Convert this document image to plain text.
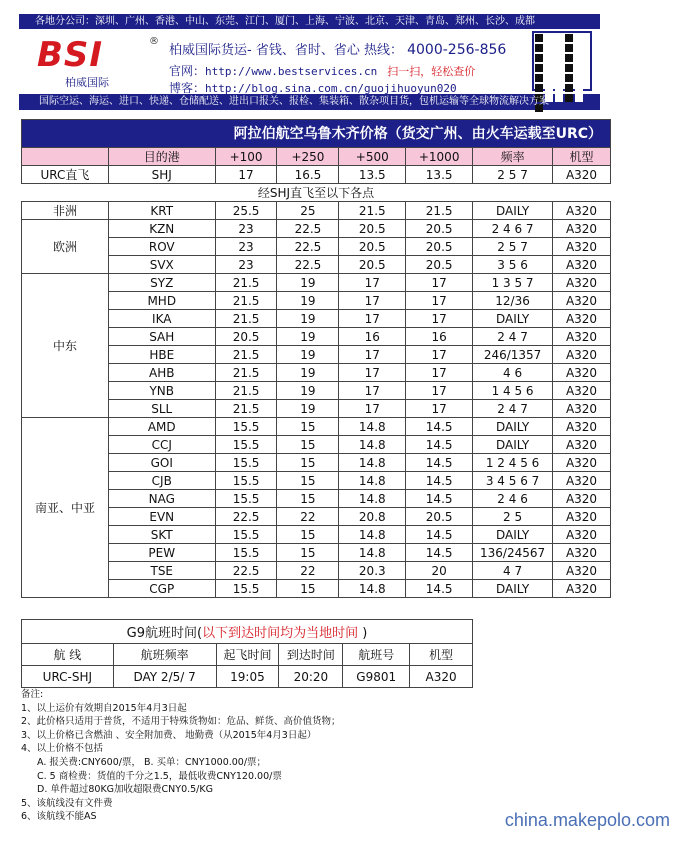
各地分公司：深圳、广州、香港、中山、东莞、江门、厦门、上海、宁波、北京、天津、青岛、郑州、长沙、成都
BSI
柏威国际
®
柏威国际货运- 省钱、省时、省心 热线： 4000-256-856
官网：http://www.bestservices.cn 扫一扫，轻松查价
博客：http://blog.sina.com.cn/guojihuoyun020
国际空运、海运、进口、快递、仓储配送、进出口报关、报检、集装箱、散杂项目货，包机运输等全球物流解决方案
阿拉伯航空乌鲁木齐价格（货交广州、由火车运载至URC）							
	目的港	+100	+250	+500	+1000	频率	机型
URC直飞	SHJ	17	16.5	13.5	13.5	2 5 7	A320
经SHJ直飞至以下各点							
非洲	KRT	25.5	25	21.5	21.5	DAILY	A320
欧洲	KZN	23	22.5	20.5	20.5	2 4 6 7	A320
	ROV	23	22.5	20.5	20.5	2 5 7	A320
	SVX	23	22.5	20.5	20.5	3 5 6	A320
中东	SYZ	21.5	19	17	17	1 3 5 7	A320
	MHD	21.5	19	17	17	12/36	A320
	IKA	21.5	19	17	17	DAILY	A320
	SAH	20.5	19	16	16	2 4 7	A320
	HBE	21.5	19	17	17	246/1357	A320
	AHB	21.5	19	17	17	4 6	A320
	YNB	21.5	19	17	17	1 4 5 6	A320
	SLL	21.5	19	17	17	2 4 7	A320
南亚、中亚	AMD	15.5	15	14.8	14.5	DAILY	A320
	CCJ	15.5	15	14.8	14.5	DAILY	A320
	GOI	15.5	15	14.8	14.5	1 2 4 5 6	A320
	CJB	15.5	15	14.8	14.5	3 4 5 6 7	A320
	NAG	15.5	15	14.8	14.5	2 4 6	A320
	EVN	22.5	22	20.8	20.5	2 5	A320
	SKT	15.5	15	14.8	14.5	DAILY	A320
	PEW	15.5	15	14.8	14.5	136/24567	A320
	TSE	22.5	22	20.3	20	4 7	A320
	CGP	15.5	15	14.8	14.5	DAILY	A320
G9航班时间(以下到达时间均为当地时间 )					
航 线	航班频率	起飞时间	到达时间	航班号	机型
URC-SHJ	DAY 2/5/ 7	19:05	20:20	G9801	A320
备注:
1、以上运价有效期自2015年4月3日起
2、此价格只适用于普货，不适用于特殊货物如：危品、鲜货、高价值货物；
3、以上价格已含燃油 、安全附加费、 地勤费（从2015年4月3日起）
4、以上价格不包括
A. 报关费:CNY600/票， B. 买单：CNY1000.00/票；
C. 5 商检费：货值的千分之1.5，最低收费CNY120.00/票
D. 单件超过80KG加收超限费CNY0.5/KG
5、该航线没有文件费
6、该航线不能AS	china.makepolo.com
